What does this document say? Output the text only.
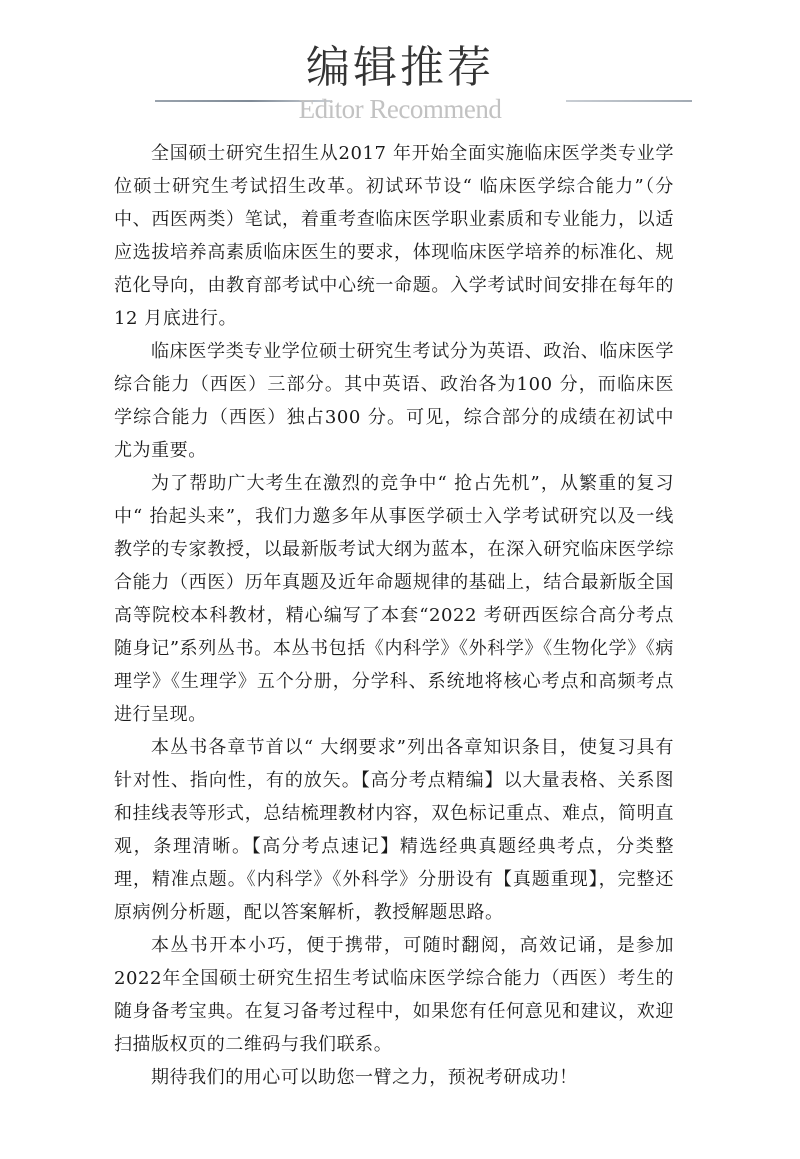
编辑推荐
Editor Recommend

全国硕士研究生招生从2017 年开始全面实施临床医学类专业学位硕士研究生考试招生改革。初试环节设“ 临床医学综合能力”（分中、西医两类）笔试，着重考查临床医学职业素质和专业能力，以适应选拔培养高素质临床医生的要求，体现临床医学培养的标准化、规范化导向，由教育部考试中心统一命题。入学考试时间安排在每年的12 月底进行。

临床医学类专业学位硕士研究生考试分为英语、政治、临床医学综合能力（西医）三部分。其中英语、政治各为100 分，而临床医学综合能力（西医）独占300 分。可见，综合部分的成绩在初试中尤为重要。

为了帮助广大考生在激烈的竞争中“ 抢占先机”，从繁重的复习中“ 抬起头来”，我们力邀多年从事医学硕士入学考试研究以及一线教学的专家教授，以最新版考试大纲为蓝本，在深入研究临床医学综合能力（西医）历年真题及近年命题规律的基础上，结合最新版全国高等院校本科教材，精心编写了本套“2022 考研西医综合高分考点随身记”系列丛书。本丛书包括《内科学》《外科学》《生物化学》《病理学》《生理学》五个分册，分学科、系统地将核心考点和高频考点进行呈现。

本丛书各章节首以“ 大纲要求”列出各章知识条目，使复习具有针对性、指向性，有的放矢。【高分考点精编】以大量表格、关系图和挂线表等形式，总结梳理教材内容，双色标记重点、难点，简明直观，条理清晰。【高分考点速记】精选经典真题经典考点，分类整理，精准点题。《内科学》《外科学》分册设有【真题重现】，完整还原病例分析题，配以答案解析，教授解题思路。

本丛书开本小巧，便于携带，可随时翻阅，高效记诵，是参加2022年全国硕士研究生招生考试临床医学综合能力（西医）考生的随身备考宝典。在复习备考过程中，如果您有任何意见和建议，欢迎扫描版权页的二维码与我们联系。

期待我们的用心可以助您一臂之力，预祝考研成功！
